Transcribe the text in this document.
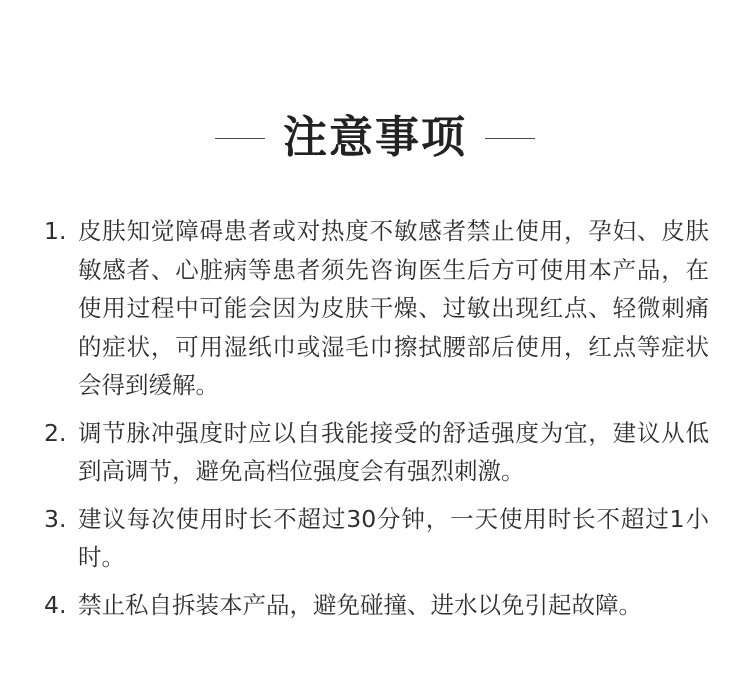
注意事项
1. 皮肤知觉障碍患者或对热度不敏感者禁止使用，孕妇、皮肤敏感者、心脏病等患者须先咨询医生后方可使用本产品，在使用过程中可能会因为皮肤干燥、过敏出现红点、轻微刺痛的症状，可用湿纸巾或湿毛巾擦拭腰部后使用，红点等症状会得到缓解。
2. 调节脉冲强度时应以自我能接受的舒适强度为宜，建议从低到高调节，避免高档位强度会有强烈刺激。
3. 建议每次使用时长不超过30分钟，一天使用时长不超过1小时。
4. 禁止私自拆装本产品，避免碰撞、进水以免引起故障。
